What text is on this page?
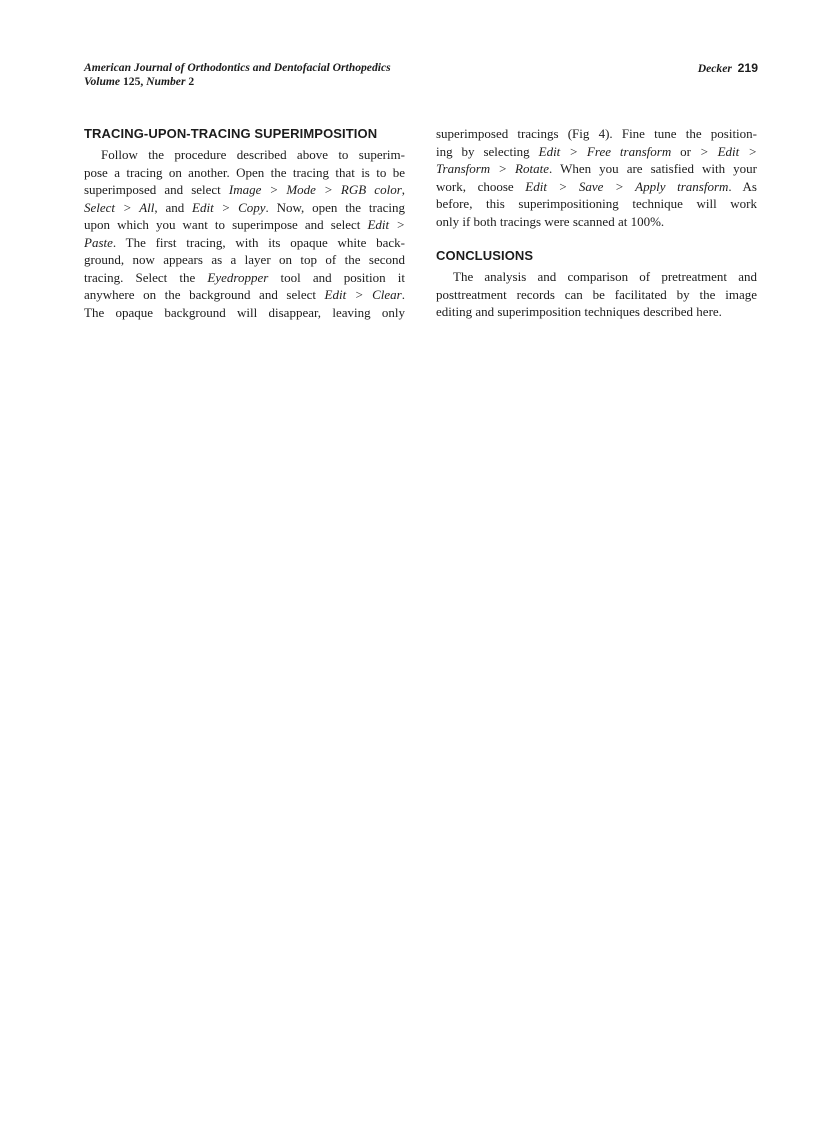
American Journal of Orthodontics and Dentofacial Orthopedics
Volume 125, Number 2
Decker 219
TRACING-UPON-TRACING SUPERIMPOSITION
Follow the procedure described above to superim-
pose a tracing on another. Open the tracing that is to be
superimposed and select Image > Mode > RGB color,
Select > All, and Edit > Copy. Now, open the tracing
upon which you want to superimpose and select Edit >
Paste. The first tracing, with its opaque white back-
ground, now appears as a layer on top of the second
tracing. Select the Eyedropper tool and position it
anywhere on the background and select Edit > Clear.
The opaque background will disappear, leaving only
superimposed tracings (Fig 4). Fine tune the position-
ing by selecting Edit > Free transform or > Edit >
Transform > Rotate. When you are satisfied with your
work, choose Edit > Save > Apply transform. As
before, this superimpositioning technique will work
only if both tracings were scanned at 100%.
CONCLUSIONS
The analysis and comparison of pretreatment and
posttreatment records can be facilitated by the image
editing and superimposition techniques described here.
